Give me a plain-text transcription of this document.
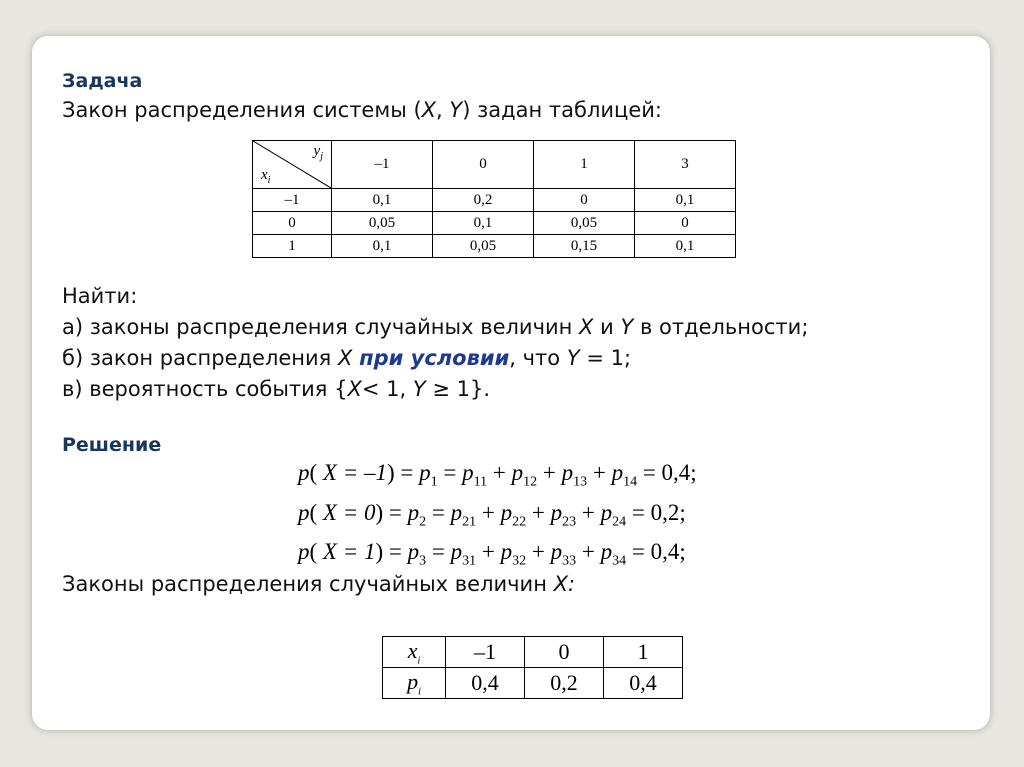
Задача
Закон распределения системы (X, Y) задан таблицей:
$y_j$
$x_i$	–1	0	1	3
–1	0,1	0,2	0	0,1
0	0,05	0,1	0,05	0
1	0,1	0,05	0,15	0,1
Найти:
а) законы распределения случайных величин X и Y в отдельности;
б) закон распределения X при условии, что Y = 1;
в) вероятность события {X< 1, Y ≥ 1}.
Решение
p( $X = -1) = p_1 = p_{11} + p_{12} + p_{13} + p_{14} = 0,4$;
p( $X = 0) = p_2 = p_{21} + p_{22} + p_{23} + p_{24} = 0,2$;
p( $X = 1) = p_3 = p_{31} + p_{32} + p_{33} + p_{34} = 0,4$;
Законы распределения случайных величин X:
$x_i$	–1	0	1
$p_i$	0,4	0,2	0,4
